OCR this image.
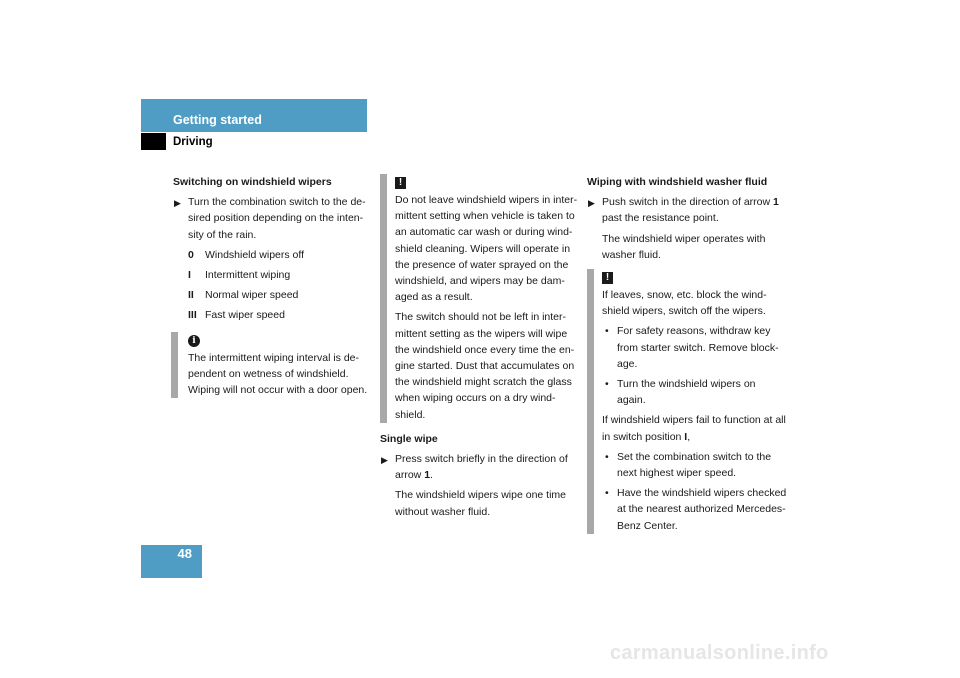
Getting started
Driving
Switching on windshield wipers
▶ Turn the combination switch to the de-sired position depending on the inten-sity of the rain.
0	Windshield wipers off
I	Intermittent wiping
II	Normal wiper speed
III Fast wiper speed
i
The intermittent wiping interval is de-pendent on wetness of windshield. Wiping will not occur with a door open.
!
Do not leave windshield wipers in inter-mittent setting when vehicle is taken to an automatic car wash or during wind-shield cleaning. Wipers will operate in the presence of water sprayed on the windshield, and wipers may be dam-aged as a result.
The switch should not be left in inter-mittent setting as the wipers will wipe the windshield once every time the en-gine started. Dust that accumulates on the windshield might scratch the glass when wiping occurs on a dry wind-shield.
Single wipe
▶ Press switch briefly in the direction of arrow 1.
The windshield wipers wipe one time without washer fluid.
Wiping with windshield washer fluid
▶ Push switch in the direction of arrow 1 past the resistance point.
The windshield wiper operates with washer fluid.
!
If leaves, snow, etc. block the wind-shield wipers, switch off the wipers.
• For safety reasons, withdraw key from starter switch. Remove block-age.
• Turn the windshield wipers on again.
If windshield wipers fail to function at all in switch position I,
• Set the combination switch to the next highest wiper speed.
• Have the windshield wipers checked at the nearest authorized Mercedes-Benz Center.
48
carmanualsonline.info
